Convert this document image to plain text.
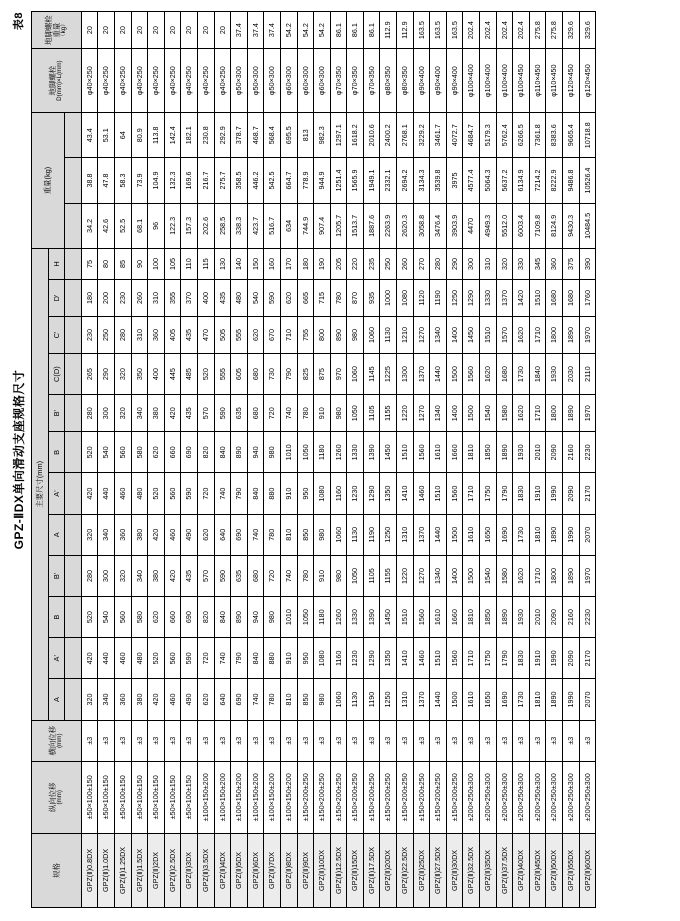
表8
GPZ-ⅡDX单向滑动支座规格尺寸
规格	纵向位移 (mm)	横向位移 (mm)	主要尺寸(mm)												重量(kg)			地脚螺栓 D(mm)×L(mm)	地脚螺栓 重量 （kg）

			A	A'	B	B'	A	A'	B	B'	C(D)	C'	D'	H					

GPZ(Ⅱ)0.8DX	±50×100±150	±3	320	420	520	280	320	420	520	280	265	230	180	75	34.2	38.8	43.4	φ40×250	20
GPZ(Ⅱ)1.0DX	±50×100±150	±3	340	440	540	300	340	440	540	300	290	250	200	80	42.6	47.8	53.1	φ40×250	20
GPZ(Ⅱ)1.25DX	±50×100±150	±3	360	460	560	320	360	460	560	320	320	280	230	85	52.5	58.3	64	φ40×250	20
GPZ(Ⅱ)1.5DX	±50×100±150	±3	380	480	580	340	380	480	580	340	350	310	260	90	68.1	73.9	80.9	φ40×250	20
GPZ(Ⅱ)2DX	±50×100±150	±3	420	520	620	380	420	520	620	380	400	360	310	100	96	104.9	113.8	φ40×250	20
GPZ(Ⅱ)2.5DX	±50×100±150	±3	460	560	660	420	460	560	660	420	445	405	355	105	122.3	132.3	142.4	φ40×250	20
GPZ(Ⅱ)3DX	±50×100±150	±3	490	590	690	435	490	590	690	435	485	435	370	110	157.3	169.6	182.1	φ40×250	20
GPZ(Ⅱ)3.5DX	±100×150±200	±3	620	720	820	570	620	720	820	570	520	470	400	115	202.6	216.7	230.8	φ40×250	20
GPZ(Ⅱ)4DX	±100×150±200	±3	640	740	840	590	640	740	840	590	555	505	435	130	258.5	275.7	292.9	φ40×250	20
GPZ(Ⅱ)5DX	±100×150±200	±3	690	790	890	635	690	790	890	635	605	555	480	140	338.3	358.5	378.7	φ50×300	37.4
GPZ(Ⅱ)6DX	±100×150±200	±3	740	840	940	680	740	840	940	680	680	620	540	150	423.7	446.2	468.7	φ50×300	37.4
GPZ(Ⅱ)7DX	±100×150±200	±3	780	880	980	720	780	880	980	720	730	670	590	160	516.7	542.5	568.4	φ50×300	37.4
GPZ(Ⅱ)8DX	±100×150±200	±3	810	910	1010	740	810	910	1010	740	790	710	620	170	634	664.7	695.5	φ60×300	54.2
GPZ(Ⅱ)9DX	±150×200±250	±3	850	950	1050	780	850	950	1050	780	825	755	665	180	744.9	778.9	813	φ60×300	54.2
GPZ(Ⅱ)10DX	±150×200±250	±3	980	1080	1180	910	980	1080	1180	910	875	800	715	190	907.4	944.9	982.3	φ60×300	54.2
GPZ(Ⅱ)12.5DX	±150×200±250	±3	1060	1160	1260	980	1060	1160	1260	980	970	890	780	205	1205.7	1251.4	1297.1	φ70×350	86.1
GPZ(Ⅱ)15DX	±150×200±250	±3	1130	1230	1330	1050	1130	1230	1330	1050	1060	980	870	220	1513.7	1565.9	1618.2	φ70×350	86.1
GPZ(Ⅱ)17.5DX	±150×200±250	±3	1190	1290	1390	1105	1190	1290	1390	1105	1145	1060	935	235	1887.6	1949.1	2010.6	φ70×350	86.1
GPZ(Ⅱ)20DX	±150×200±250	±3	1250	1350	1450	1155	1250	1350	1450	1155	1225	1130	1000	250	2263.9	2332.1	2400.2	φ80×350	112.9
GPZ(Ⅱ)22.5DX	±150×200±250	±3	1310	1410	1510	1220	1310	1410	1510	1220	1300	1210	1080	260	2620.3	2694.2	2768.1	φ80×350	112.9
GPZ(Ⅱ)25DX	±150×200±250	±3	1370	1460	1560	1270	1370	1460	1560	1270	1370	1270	1120	270	3058.8	3134.3	3229.2	φ90×400	163.5
GPZ(Ⅱ)27.5DX	±150×200±250	±3	1440	1510	1610	1340	1440	1510	1610	1340	1440	1340	1190	280	3476.4	3539.8	3461.7	φ90×400	163.5
GPZ(Ⅱ)30DX	±150×200±250	±3	1500	1560	1660	1400	1500	1560	1660	1400	1500	1400	1250	290	3903.9	3975	4072.7	φ90×400	163.5
GPZ(Ⅱ)32.5DX	±200×250±300	±3	1610	1710	1810	1500	1610	1710	1810	1500	1560	1450	1290	300	4470	4577.4	4684.7	φ100×400	202.4
GPZ(Ⅱ)35DX	±200×250±300	±3	1650	1750	1850	1540	1650	1750	1850	1540	1620	1510	1330	310	4949.3	5064.3	5179.3	φ100×400	202.4
GPZ(Ⅱ)37.5DX	±200×250±300	±3	1690	1790	1890	1580	1690	1790	1890	1580	1680	1570	1370	320	5512.0	5637.2	5762.4	φ100×400	202.4
GPZ(Ⅱ)40DX	±200×250±300	±3	1730	1830	1930	1620	1730	1830	1930	1620	1730	1620	1420	330	6003.4	6134.9	6266.5	φ100×450	202.4
GPZ(Ⅱ)45DX	±200×250±300	±3	1810	1910	2010	1710	1810	1910	2010	1710	1840	1710	1510	345	7109.8	7214.2	7361.8	φ110×450	275.8
GPZ(Ⅱ)50DX	±200×250±300	±3	1890	1990	2090	1800	1890	1990	2090	1800	1930	1800	1680	360	8124.9	8222.9	8383.6	φ110×450	275.8
GPZ(Ⅱ)55DX	±200×250±300	±3	1990	2090	2160	1890	1990	2090	2160	1890	2030	1890	1680	375	9430.3	9486.8	9665.4	φ120×450	329.6
GPZ(Ⅱ)60DX	±200×250±300	±3	2070	2170	2230	1970	2070	2170	2230	1970	2110	1970	1760	390	10484.5	10526.4	10718.8	φ120×450	329.6
